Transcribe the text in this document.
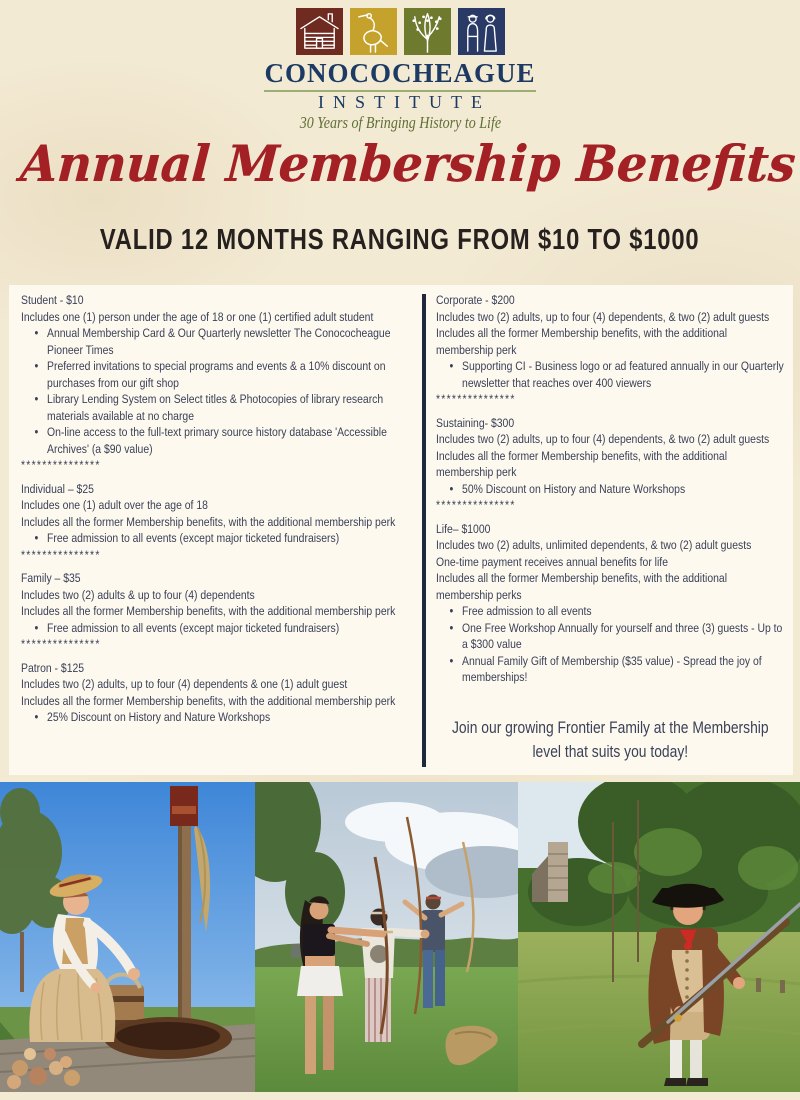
CONOCOCHEAGUE
INSTITUTE
30 Years of Bringing History to Life
Annual Membership Benefits
VALID 12 MONTHS RANGING FROM $10 TO $1000
Student - $10
Includes one (1) person under the age of 18 or one (1) certified adult student
• Annual Membership Card & Our Quarterly newsletter The Conococheague Pioneer Times
• Preferred invitations to special programs and events & a 10% discount on purchases from our gift shop
• Library Lending System on Select titles & Photocopies of library research materials available at no charge
• On-line access to the full-text primary source history database 'Accessible Archives' (a $90 value)
***************
Individual – $25
Includes one (1) adult over the age of 18
Includes all the former Membership benefits, with the additional membership perk
• Free admission to all events (except major ticketed fundraisers)
***************
Family – $35
Includes two (2) adults & up to four (4) dependents
Includes all the former Membership benefits, with the additional membership perk
• Free admission to all events (except major ticketed fundraisers)
***************
Patron - $125
Includes two (2) adults, up to four (4) dependents & one (1) adult guest
Includes all the former Membership benefits, with the additional membership perk
• 25% Discount on History and Nature Workshops
Corporate - $200
Includes two (2) adults, up to four (4) dependents, & two (2) adult guests
Includes all the former Membership benefits, with the additional membership perk
• Supporting CI - Business logo or ad featured annually in our Quarterly newsletter that reaches over 400 viewers
***************
Sustaining- $300
Includes two (2) adults, up to four (4) dependents, & two (2) adult guests
Includes all the former Membership benefits, with the additional membership perk
• 50% Discount on History and Nature Workshops
***************
Life– $1000
Includes two (2) adults, unlimited dependents, & two (2) adult guests
One-time payment receives annual benefits for life
Includes all the former Membership benefits, with the additional membership perks
• Free admission to all events
• One Free Workshop Annually for yourself and three (3) guests - Up to a $300 value
• Annual Family Gift of Membership ($35 value) - Spread the joy of memberships!
Join our growing Frontier Family at the Membership level that suits you today!
